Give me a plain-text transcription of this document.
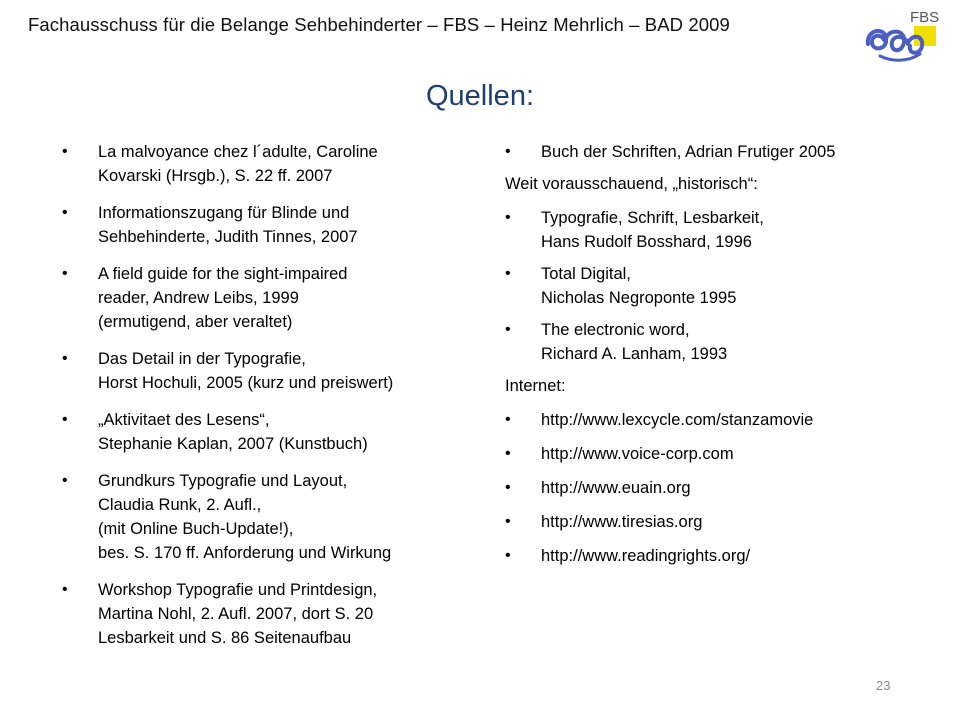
Fachausschuss für die Belange Sehbehinderter – FBS – Heinz Mehrlich – BAD 2009	FBS
Quellen:
• La malvoyance chez l´adulte, Caroline
Kovarski (Hrsgb.), S. 22 ff. 2007
• Informationszugang für Blinde und
Sehbehinderte, Judith Tinnes, 2007
• A field guide for the sight-impaired
reader, Andrew Leibs, 1999
(ermutigend, aber veraltet)
• Das Detail in der Typografie,
Horst Hochuli, 2005 (kurz und preiswert)
• „Aktivitaet des Lesens“,
Stephanie Kaplan, 2007 (Kunstbuch)
• Grundkurs Typografie und Layout,
Claudia Runk, 2. Aufl.,
(mit Online Buch-Update!),
bes. S. 170 ff. Anforderung und Wirkung
• Workshop Typografie und Printdesign,
Martina Nohl, 2. Aufl. 2007, dort S. 20
Lesbarkeit und S. 86 Seitenaufbau
• Buch der Schriften, Adrian Frutiger 2005
Weit vorausschauend, „historisch“:
• Typografie, Schrift, Lesbarkeit,
Hans Rudolf Bosshard, 1996
• Total Digital,
Nicholas Negroponte 1995
• The electronic word,
Richard A. Lanham, 1993
Internet:
• http://www.lexcycle.com/stanzamovie
• http://www.voice-corp.com
• http://www.euain.org
• http://www.tiresias.org
• http://www.readingrights.org/
23
